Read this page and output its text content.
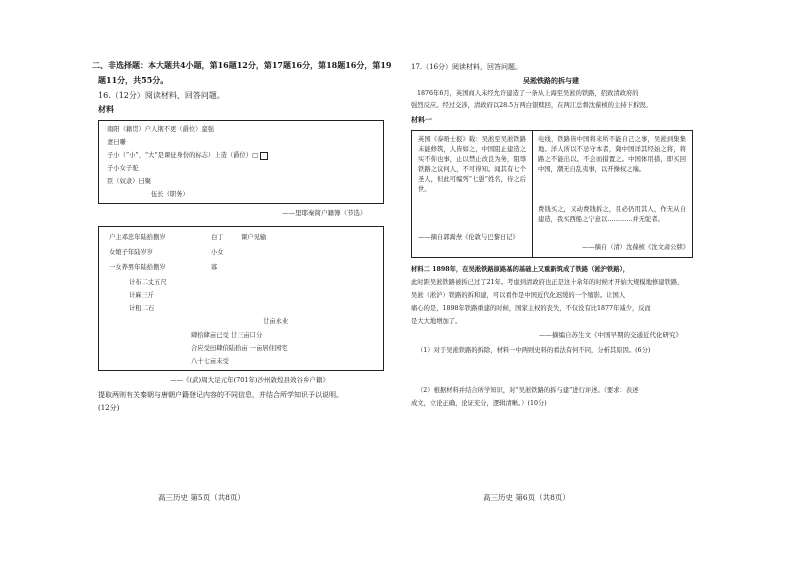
二、非选择题：本大题共4小题，第16题12分，第17题16分，第18题16分，第19
题11分，共55分。
16.（12分）阅读材料，回答问题。
材料
南阳（籍贯）户人荆不更（爵位）蛮强
妻曰嗛
子小（“小”、“大”是课征身份的标志）上造（爵位）□
子小女子驼
臣（奴隶）曰聚
伍长（职务）
——里耶秦简户籍簿（节选）
户主邓忠年陆拾捌岁	白丁	课户见输
女娘子年陆岁岁	小女
一女养男年陆拾捌岁	寡
计布二丈五尺
计麻三斤
计租二石
廿亩永业
肆拾肆亩已受 廿三亩口分
合应受田肆伯陆拾亩 一亩居住园宅
八十七亩未受
——《(武)周大足元年(701年)沙州敦煌县效谷乡户籍》
提取两则有关秦朝与唐朝户籍登记内容的不同信息，并结合所学知识予以说明。
(12分)
高三历史 第5页（共8页）
17.（16分）阅读材料，回答问题。
吴淞铁路的拆与建
1876年6月，英国商人未经允许建造了一条从上海至吴淞的铁路，招致清政府的
强烈反应。经过交涉，清政府以28.5万两白银赎回，在两江总督沈葆桢的主持下拆毁。
材料一
英国《泰晤士报》载：吴淞至吴淞铁路未能修筑，人皆如之，中国阻止建造之实不你也事，止以禁止改良为务，阻辱铁路之议何人，不可得知。闻其有七个圣人，但此可编列“七愚”姓名，待之后世。
——摘自郭嵩焘《伦敦与巴黎日记》
电线、铁路皆中国将来所不能自己之事，吴淞到集集地。洋人所以不忌守本者，冀中国详其经始之将，将路之不能出以。不会而措置之。中国体用措，即买回中国，潮无自乱夷事，以开操权之端。
费钱买之，又动费钱拆之，且必仍用其人，作无从自建造，我买西船之宁意以…………并无鸵者。
——摘自（清）沈葆桢《沈文肃公牍》
材料二 1898年，在吴淞铁路原路基的基础上又重新筑成了铁路（淞沪铁路），
此时距吴淞铁路被拆已过了21年。考虑到清政府也正是这十余年的时候才开始大规模地修建铁路，
吴淞（淞沪）铁路的拆和建，可以看作是中国近代化迟缓的一个缩影。让国人
痛心的是，1898年铁路重建的时候，国家主权的丧失，不仅没有比1877年减少，反而
是大大地增加了。
——摘编自苏生文《中国早期的交通近代化研究》
（1）对于吴淞铁路的拆除，材料一中两则史料的看法有何不同，分析其原因。(6分)
（2）根据材料并结合所学知识，对“吴淞铁路的拆与建”进行评述。（要求：表述
成文，立论正确，论证充分，逻辑清晰。）(10分)
高三历史 第6页（共8页）
